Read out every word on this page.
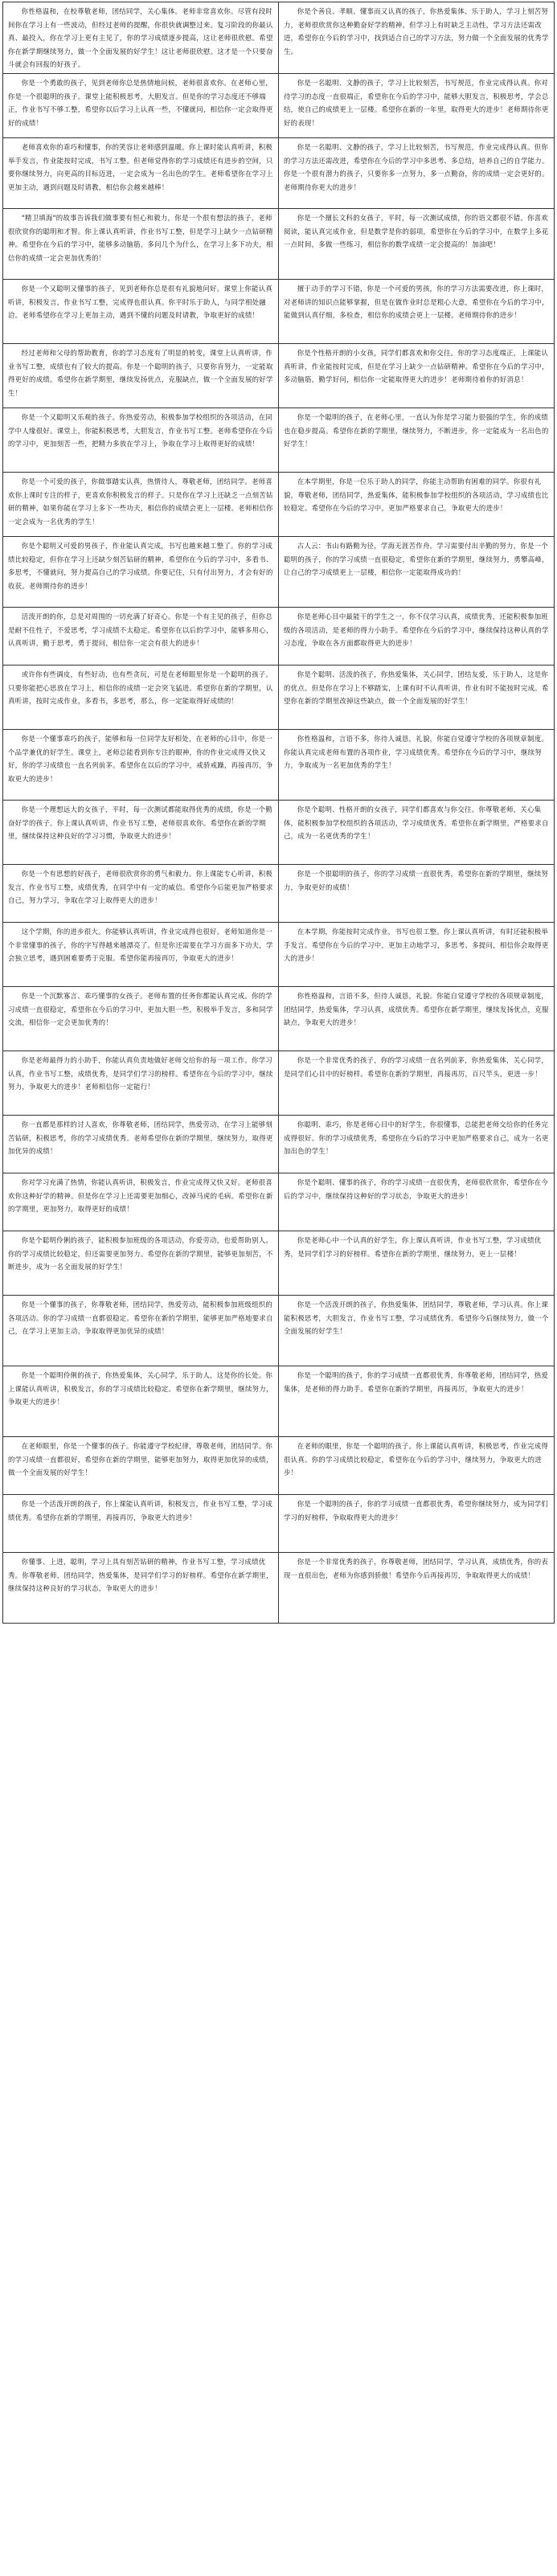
你性格温和，在校尊敬老师，团结同学，关心集体。老师非常喜欢你。尽管有段时间你在学习上有一些波动，但经过老师的提醒，你很快就调整过来。复习阶段的你最认真、最投入，你在学习上更有主见了，你的学习成绩逐步提高，这让老师很欣慰。希望你在新学期继续努力，做一个全面发展的好学生！这让老师很欣慰。这才是一个只要奋斗就会有回报的好孩子。	你是个善良、孝顺、懂事而又认真的孩子，你热爱集体、乐于助人，学习上刻苦努力，老师很欣赏你这种勤奋好学的精神。但学习上有时缺乏主动性，学习方法还需改进，希望你在今后的学习中，找到适合自己的学习方法，努力做一个全面发展的优秀学生。
你是一个勇敢的孩子，见到老师你总是热情地问候，老师很喜欢你。在老师心里，你是一个很聪明的孩子。课堂上能积极思考，大胆发言。但是你的学习态度还不够端正，作业书写不够工整，希望你以后学习上认真一些，不懂就问，相信你一定会取得更好的成绩！	你是一名聪明、文静的孩子，学习上比较刻苦，书写规范，作业完成得认真。你对待学习的态度一直很端正，希望你在今后的学习中，能够大胆发言，积极思考，学会总结，使自己的成绩更上一层楼。希望你在新的一年里，取得更大的进步！老师期待你更好的表现！
老师喜欢你的乖巧和懂事，你的笑容让老师感到温暖。你上课时能认真听讲，积极举手发言，作业能按时完成，书写工整。但老师觉得你的学习成绩还有进步的空间，只要你继续努力，向更高的目标迈进，一定会成为一名出色的学生。老师希望你在学习上更加主动，遇到问题及时请教，相信你会越来越棒！	你是一名聪明、文静的孩子，学习上比较刻苦，书写规范，作业完成得认真。但你的学习方法还需改进，希望你在今后的学习中多思考、多总结，培养自己的自学能力。你是一个很有潜力的孩子，只要你多一点努力，多一点勤奋，你的成绩一定会更好的。老师期待你更大的进步！
"精卫填海"的故事告诉我们做事要有恒心和毅力，你是一个很有想法的孩子，老师很欣赏你的聪明和才智。你上课认真听讲，作业书写工整，但是学习上缺少一点钻研精神。希望你在今后的学习中，能够多动脑筋，多问几个为什么，在学习上多下功夫，相信你的成绩一定会更加优秀的！	你是一个擅长文科的女孩子，平时，每一次测试成绩，你的语文都很不错。你喜欢阅读，能认真完成作业，但是数学是你的弱项，希望你在今后的学习中，在数学上多花一点时间，多做一些练习，相信你的数学成绩一定会提高的！加油吧！
你是一个又聪明又懂事的孩子，见到老师你总是很有礼貌地问好。课堂上你能认真听讲，积极发言，作业书写工整，完成得也很认真。你平时乐于助人，与同学相处融洽。老师希望你在学习上更加主动，遇到不懂的问题及时请教，争取更好的成绩！	擅于动手的学习不错，你是一个可爱的男孩，你的学习方法需要改进，你上课时，对老师讲的知识点能够掌握，但是在做作业时总是粗心大意，希望你在今后的学习中，能做到认真仔细，多检查，相信你的成绩会更上一层楼。老师期待你的进步！
经过老师和父母的帮助教育，你的学习态度有了明显的转变，课堂上认真听讲，作业书写工整，成绩也有了较大的提高。你是一个聪明的孩子，只要你肯努力，一定能取得更好的成绩。希望你在新学期里，继续发扬优点，克服缺点，做一个全面发展的好学生！	你是个性格开朗的小女孩，同学们都喜欢和你交往。你的学习态度端正，上课能认真听讲，作业能按时完成，但是在学习上缺少一点钻研精神。希望你在今后的学习中，多动脑筋，勤学好问，相信你一定能取得更大的进步！老师期待着你的好消息！
你是一个又聪明又乐观的孩子。你热爱劳动，积极参加学校组织的各项活动，在同学中人缘很好。课堂上，你能积极思考，大胆发言，作业书写工整。老师希望你在今后的学习中，更加刻苦一些，把精力多放在学习上，争取在学习上取得更好的成绩！	你是一个聪明的孩子，在老师心里，一直认为你是学习能力很强的学生，你的成绩也在稳步提高。希望你在新的学期里，继续努力，不断进步，你一定能成为一名出色的好学生！
你是一个可爱的孩子，你做事踏实认真，热情待人，尊敬老师，团结同学。老师喜欢你上课时专注的样子，更喜欢你积极发言的样子。只是你在学习上还缺乏一点刻苦钻研的精神，如果你能在学习上多下一些功夫，相信你的成绩会更上一层楼。老师相信你一定会成为一名优秀的学生！	在本学期里，你是一位乐于助人的同学，你能主动帮助有困难的同学。你很有礼貌，尊敬老师，团结同学，热爱集体，能积极参加学校组织的各项活动，学习成绩也比较稳定。希望你在今后的学习中，更加严格要求自己，争取更大的进步！
你是个聪明又可爱的男孩子，作业能认真完成，书写也越来越工整了。你的学习成绩比较稳定，但你在学习上还缺少刻苦钻研的精神，希望你在今后的学习中，多看书、多思考，不懂就问，努力提高自己的学习成绩。你要记住，只有付出努力，才会有好的收获。老师期待你的进步！	古人云：书山有路勤为径，学海无涯苦作舟。学习需要付出辛勤的努力，你是一个聪明的孩子，你的学习成绩一直很稳定，希望你在新的学期里，继续努力，勇攀高峰，让自己的学习成绩更上一层楼，相信你一定能取得成功的！
活泼开朗的你，总是对周围的一切充满了好奇心。你是一个有主见的孩子，但你总是耐不住性子，不爱思考，学习成绩不太稳定。希望你在以后的学习中，能够多用心，认真听讲，勤于思考，勇于提问，相信你一定会有很大的进步！	你是老师心目中最能干的学生之一，你不仅学习认真，成绩优秀，还能积极参加班级的各项活动，是老师的得力小助手。希望你在今后的学习中，继续保持这种认真的学习态度，争取在各方面都取得更大的进步！
或许你有些调皮，有些好动，也有些贪玩，可是在老师眼里你是一个聪明的孩子。只要你能把心思放在学习上，相信你的成绩一定会突飞猛进。希望你在新的学期里，认真听讲，按时完成作业，多看书，多思考，那么，你一定能取得好成绩的！	你是个聪明、活泼的孩子，你热爱集体，关心同学，团结友爱，乐于助人，这是你的优点。但是你在学习上不够踏实，上课有时不认真听讲，作业有时不能按时完成。希望你在新的学期里改掉这些缺点，做一个全面发展的好学生！
你是一个懂事乖巧的孩子，能够和每一位同学友好相处，在老师的心目中，你是一个品学兼优的好学生。课堂上，老师总能看到你专注的眼神，你的作业完成得又快又好，你的学习成绩也一直名列前茅。希望你在以后的学习中，戒骄戒躁，再接再厉，争取更大的进步！	你性格温和，言语不多，你待人诚恳，礼貌，你能自觉遵守学校的各项规章制度。你能认真完成老师布置的各项作业，学习成绩优秀。希望你在今后的学习中，继续努力，争取成为一名更加优秀的学生！
你是一个理想远大的女孩子，平时，每一次测试都能取得优秀的成绩，你是一个勤奋好学的孩子。你上课认真听讲，作业书写工整，老师很喜欢你。希望你在新的学期里，继续保持这种良好的学习习惯，争取更大的进步！	你是个聪明、性格开朗的女孩子，同学们都喜欢与你交往。你尊敬老师，关心集体，能积极参加学校组织的各项活动，学习成绩优秀。希望你在新学期里，严格要求自己，成为一名更优秀的学生！
你是一个有思想的好孩子，老师很欣赏你的勇气和毅力。你上课能专心听讲，积极发言，作业书写工整，成绩优秀，在同学中有一定的威信。希望你今后能更加严格要求自己，努力学习，争取在学习上取得更大的进步！	你是一个很聪明的孩子，你的学习成绩一直很优秀，希望你在新的学期里，继续努力，争取更好的成绩！
这个学期，你的进步很大。你能够认真听讲，作业完成得也很好。老师知道你是一个非常懂事的孩子，你的字写得越来越漂亮了。但是你还需要在学习方面多下功夫，学会独立思考，遇到困难要勇于克服。希望你能再接再厉，争取更大的进步！	在本学期，你能按时完成作业，书写也很工整。你上课认真听讲，有时还能积极举手发言。希望你在今后的学习中，更加主动地学习，多思考、多提问，相信你会取得更大的进步！
你是一个沉默寡言、乖巧懂事的女孩子。老师布置的任务你都能认真完成。你的学习成绩一直很稳定，希望你在今后的学习中，更加大胆一些，积极举手发言，多和同学交流，相信你一定会更加优秀的！	你性格温和，言语不多，但待人诚恳，礼貌。你能自觉遵守学校的各项规章制度，团结同学，热爱集体，学习认真，成绩优秀。希望你在新学期里，继续发扬优点，克服缺点，争取更大的进步！
你是老师最得力的小助手，你能认真负责地做好老师交给你的每一项工作。你学习认真，作业书写工整，成绩优秀，是同学们学习的榜样。希望你在今后的学习中，继续努力，争取更大的进步！老师相信你一定能行！	你是一个非常优秀的孩子，你的学习成绩一直名列前茅，你热爱集体，关心同学，是同学们心目中的好榜样。希望你在新的学期里，再接再厉，百尺竿头，更进一步！
你一直都是那样的讨人喜欢，你尊敬老师，团结同学，热爱劳动，在学习上能够刻苦钻研，积极思考，你的学习成绩优秀。老师希望你在新的学期里，继续努力，取得更加优异的成绩！	你聪明、乖巧，你是老师心目中的好学生，你很懂事，总能把老师交给你的任务完成得很好。你的学习成绩优秀，希望你在今后的学习中更加严格要求自己，成为一名更加出色的学生！
你对学习充满了热情，你能认真听讲，积极发言，作业完成得又快又好。老师很喜欢你这种好学的精神。但是你在学习上还需要更加细心，改掉马虎的毛病。希望你在新的学期里，更加努力，取得更好的成绩！	你是个聪明、懂事的孩子，你的学习成绩一直很优秀，老师很欣赏你，希望你在今后的学习中，继续保持这种好的学习状态，争取更大的进步！
你是个聪明伶俐的孩子，能积极参加班级的各项活动，你爱劳动，也爱帮助别人。你的学习成绩比较稳定，但还需要更加努力。希望你在新的学期里，能够更加刻苦，不断进步，成为一名全面发展的好学生！	你是老师心中一个认真的好学生，你上课认真听讲，作业书写工整，学习成绩优秀，是同学们学习的好榜样。希望你在新的学期里，继续努力，更上一层楼！
你是一个懂事的孩子，你尊敬老师，团结同学，热爱劳动，能积极参加班级组织的各项活动。你的学习成绩一直都很稳定。希望你在新的学期里，能够更加严格地要求自己，在学习上更加主动，争取取得更加优异的成绩！	你是一个活泼开朗的孩子，你热爱集体，团结同学，尊敬老师，学习认真。你上课能积极思考，大胆发言，作业书写工整，学习成绩优秀。希望你今后继续努力，做一个全面发展的好学生！
你是一个聪明伶俐的孩子，你热爱集体，关心同学，乐于助人，这是你的长处。你上课能认真听讲，积极发言，你的学习成绩比较稳定。希望你在新学期里，继续努力，争取更大的进步！	你是一个聪明的孩子，你的学习成绩一直都很优秀，你尊敬老师，团结同学，热爱集体，是老师的得力助手。希望你在新的学期里，再接再厉，争取更大的进步！
在老师眼里，你是一个懂事的孩子。你能遵守学校纪律，尊敬老师，团结同学。你的学习成绩一直都很好，希望你在新的学期里，能够更加努力，取得更加优异的成绩，做一个全面发展的好学生！	在老师的眼里，你是一个聪明的孩子。你上课能认真听讲，积极思考，作业完成得很认真。你的学习成绩比较稳定，希望你在今后的学习中，继续努力，争取更大的进步！
你是一个活泼开朗的孩子，你上课能认真听讲，积极发言，作业书写工整，学习成绩优秀。希望你在新的学期里，再接再厉，争取更大的进步！	你是一个聪明的孩子，你的学习成绩一直都很优秀，希望你继续努力，成为同学们学习的好榜样，争取取得更大的进步！
你懂事、上进，聪明，学习上具有刻苦钻研的精神，作业书写工整，学习成绩优秀。你尊敬老师，团结同学，热爱集体，是同学们学习的好榜样。希望你在新学期里，继续保持这种良好的学习状态，争取更大的进步！	你是一个非常优秀的孩子，你尊敬老师，团结同学，学习认真，成绩优秀，你的表现一直很出色，老师为你感到骄傲！希望你今后再接再厉，争取取得更大的成绩！
